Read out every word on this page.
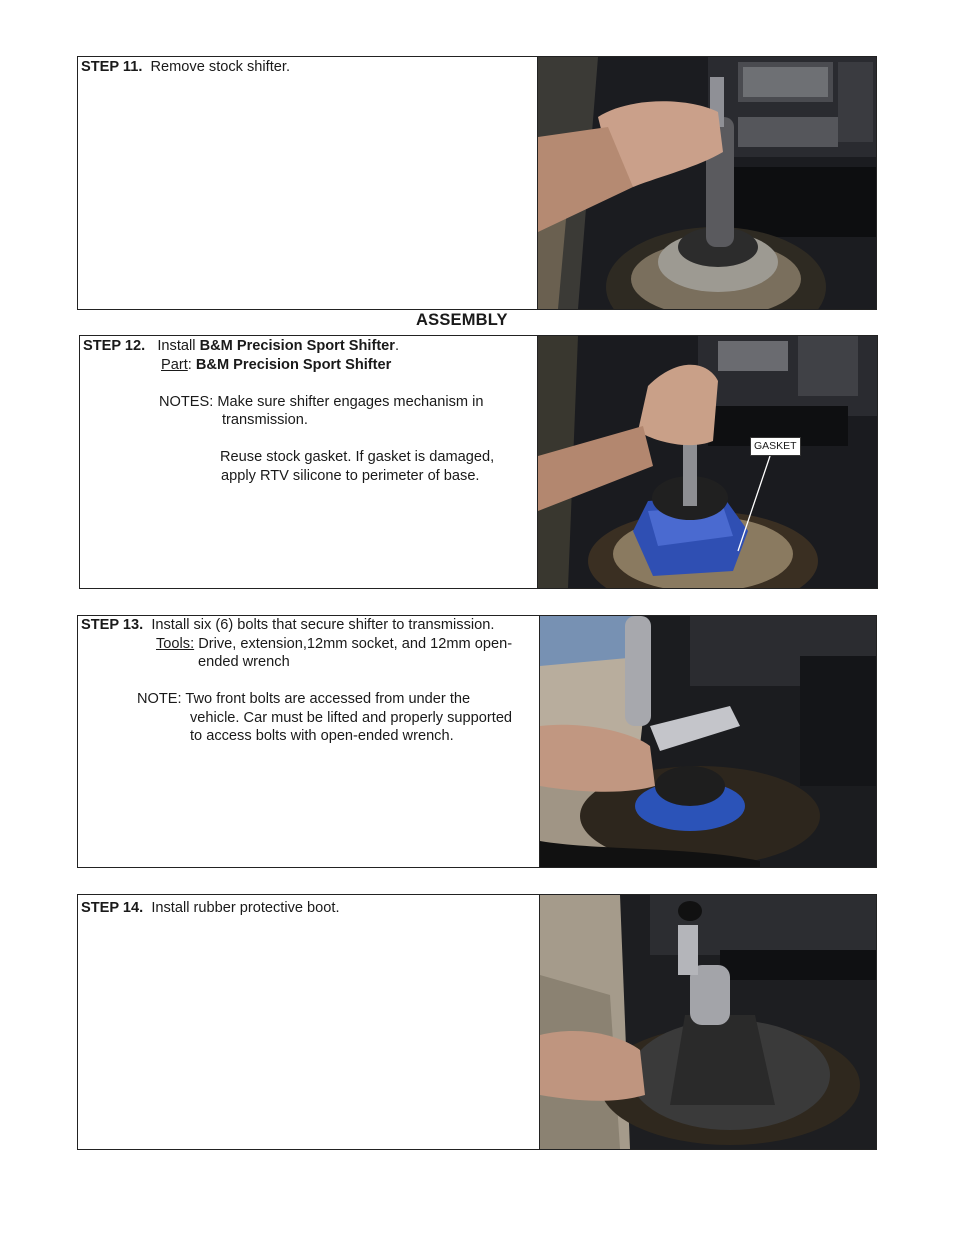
STEP 11. Remove stock shifter.
ASSEMBLY
STEP 12. Install B&M Precision Sport Shifter.
Part: B&M Precision Sport Shifter

NOTES: Make sure shifter engages mechanism in
transmission.

Reuse stock gasket. If gasket is damaged,
apply RTV silicone to perimeter of base.
GASKET
STEP 13. Install six (6) bolts that secure shifter to transmission.
Tools: Drive, extension,12mm socket, and 12mm open-
ended wrench

NOTE: Two front bolts are accessed from under the
vehicle. Car must be lifted and properly supported
to access bolts with open-ended wrench.
STEP 14. Install rubber protective boot.
